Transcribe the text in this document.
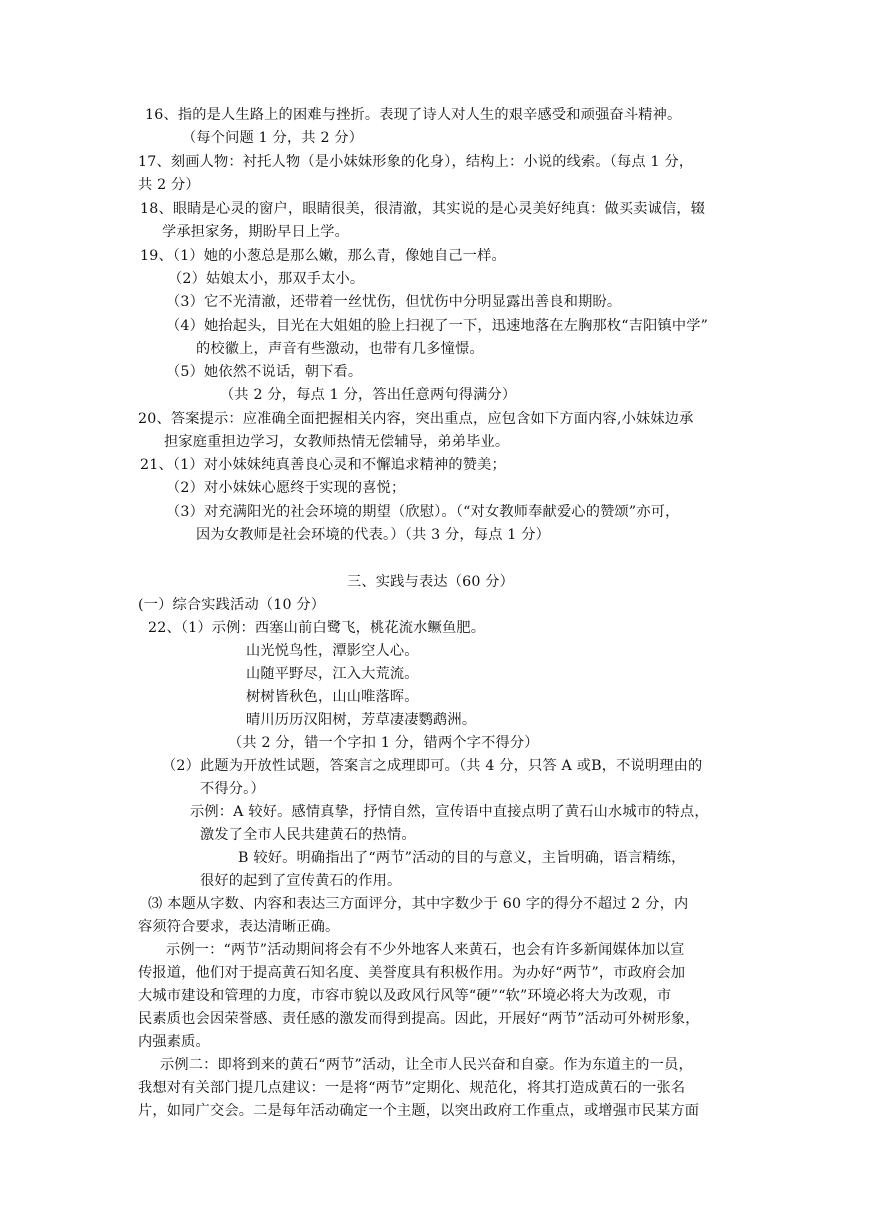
16、指的是人生路上的困难与挫折。表现了诗人对人生的艰辛感受和顽强奋斗精神。
（每个问题 1 分，共 2 分）
17、刻画人物：衬托人物（是小妹妹形象的化身），结构上：小说的线索。（每点 1 分，
共 2 分）
18、眼睛是心灵的窗户，眼睛很美，很清澈，其实说的是心灵美好纯真：做买卖诚信，辍
学承担家务，期盼早日上学。
19、（1）她的小葱总是那么嫩，那么青，像她自己一样。
（2）姑娘太小，那双手太小。
（3）它不光清澈，还带着一丝忧伤，但忧伤中分明显露出善良和期盼。
（4）她抬起头，目光在大姐姐的脸上扫视了一下，迅速地落在左胸那枚“吉阳镇中学”
的校徽上，声音有些激动，也带有几多憧憬。
（5）她依然不说话，朝下看。
（共 2 分，每点 1 分，答出任意两句得满分）
20、答案提示：应准确全面把握相关内容，突出重点，应包含如下方面内容,小妹妹边承
担家庭重担边学习，女教师热情无偿辅导，弟弟毕业。
21、（1）对小妹妹纯真善良心灵和不懈追求精神的赞美；
（2）对小妹妹心愿终于实现的喜悦；
（3）对充满阳光的社会环境的期望（欣慰）。（“对女教师奉献爱心的赞颂”亦可，
因为女教师是社会环境的代表。）（共 3 分，每点 1 分）
三、实践与表达（60 分）
(一）综合实践活动（10 分）
22、（1）示例：西塞山前白鹭飞，桃花流水鳜鱼肥。
山光悦鸟性，潭影空人心。
山随平野尽，江入大荒流。
树树皆秋色，山山唯落晖。
晴川历历汉阳树，芳草凄凄鹦鹉洲。
（共 2 分，错一个字扣 1 分，错两个字不得分）
（2）此题为开放性试题，答案言之成理即可。（共 4 分，只答 A 或B，不说明理由的
不得分。）
示例：A 较好。感情真挚，抒情自然，宣传语中直接点明了黄石山水城市的特点，
激发了全市人民共建黄石的热情。
B 较好。明确指出了“两节”活动的目的与意义，主旨明确，语言精练，
很好的起到了宣传黄石的作用。
⑶ 本题从字数、内容和表达三方面评分，其中字数少于 60 字的得分不超过 2 分，内
容须符合要求，表达清晰正确。
示例一：“两节”活动期间将会有不少外地客人来黄石，也会有许多新闻媒体加以宣
传报道，他们对于提高黄石知名度、美誉度具有积极作用。为办好“两节”，市政府会加
大城市建设和管理的力度，市容市貌以及政风行风等“硬”“软”环境必将大为改观，市
民素质也会因荣誉感、责任感的激发而得到提高。因此，开展好“两节”活动可外树形象，
内强素质。
示例二：即将到来的黄石“两节”活动，让全市人民兴奋和自豪。作为东道主的一员，
我想对有关部门提几点建议：一是将“两节”定期化、规范化，将其打造成黄石的一张名
片，如同广交会。二是每年活动确定一个主题，以突出政府工作重点，或增强市民某方面
